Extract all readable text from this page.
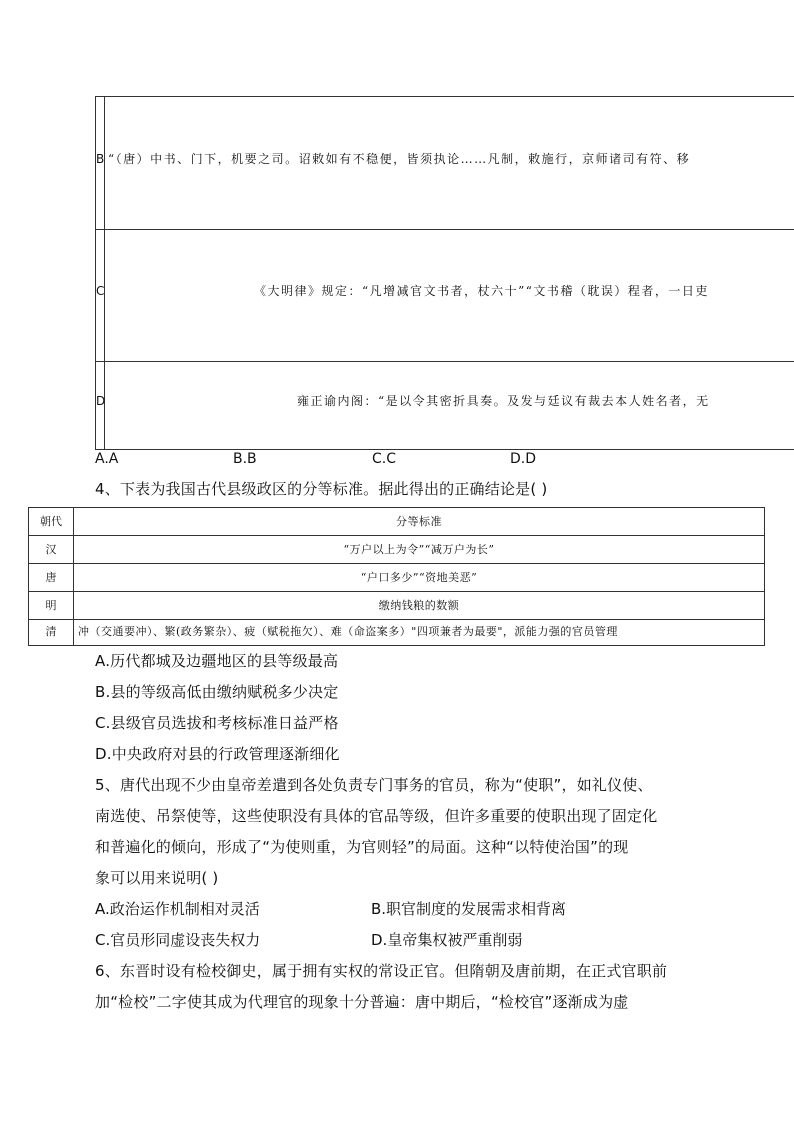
B “（唐）中书、门下，机要之司。诏敕如有不稳便，皆须执论……凡制，敕施行，京师诸司有符、移
C	《大明律》规定：“凡增减官文书者，杖六十”“文书稽（耽误）程者，一日吏
D	雍正谕内阁：“是以令其密折具奏。及发与廷议有裁去本人姓名者，无
A.A	B.B	C.C	D.D
4、下表为我国古代县级政区的分等标准。据此得出的正确结论是( )
朝代	分等标准
汉	“万户以上为令”“减万户为长”
唐	“户口多少”“资地美恶”
明	缴纳钱粮的数额
清	冲（交通要冲）、繁(政务繁杂）、疲（赋税拖欠）、难（命盗案多）"四项兼者为最要"，派能力强的官员管理
A.历代都城及边疆地区的县等级最高
B.县的等级高低由缴纳赋税多少决定
C.县级官员选拔和考核标准日益严格
D.中央政府对县的行政管理逐渐细化
5、唐代出现不少由皇帝差遣到各处负责专门事务的官员，称为“使职”，如礼仪使、
南选使、吊祭使等，这些使职没有具体的官品等级，但许多重要的使职出现了固定化
和普遍化的倾向，形成了“为使则重，为官则轻”的局面。这种“以特使治国”的现
象可以用来说明( )
A.政治运作机制相对灵活	B.职官制度的发展需求相背离
C.官员形同虚设丧失权力	D.皇帝集权被严重削弱
6、东晋时设有检校御史，属于拥有实权的常设正官。但隋朝及唐前期，在正式官职前
加“检校”二字使其成为代理官的现象十分普遍：唐中期后，“检校官”逐渐成为虚
